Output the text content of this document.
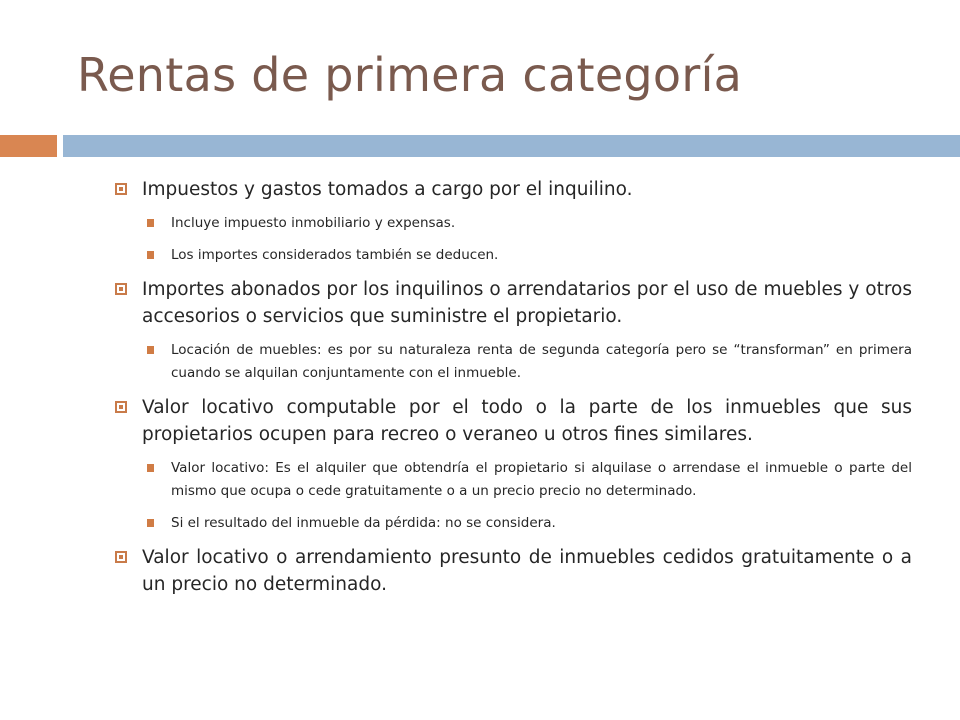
Rentas de primera categoría
Impuestos y gastos tomados a cargo por el inquilino.
Incluye impuesto inmobiliario y expensas.
Los importes considerados también se deducen.
Importes abonados por los inquilinos o arrendatarios por el uso de muebles y otros accesorios o servicios que suministre el propietario.
Locación de muebles: es por su naturaleza renta de segunda categoría pero se “transforman” en primera cuando se alquilan conjuntamente con el inmueble.
Valor locativo computable por el todo o la parte de los inmuebles que sus propietarios ocupen para recreo o veraneo u otros fines similares.
Valor locativo: Es el alquiler que obtendría el propietario si alquilase o arrendase el inmueble o parte del mismo que ocupa o cede gratuitamente o a un precio precio no determinado.
Si el resultado del inmueble da pérdida: no se considera.
Valor locativo o arrendamiento presunto de inmuebles cedidos gratuitamente o a un precio no determinado.
